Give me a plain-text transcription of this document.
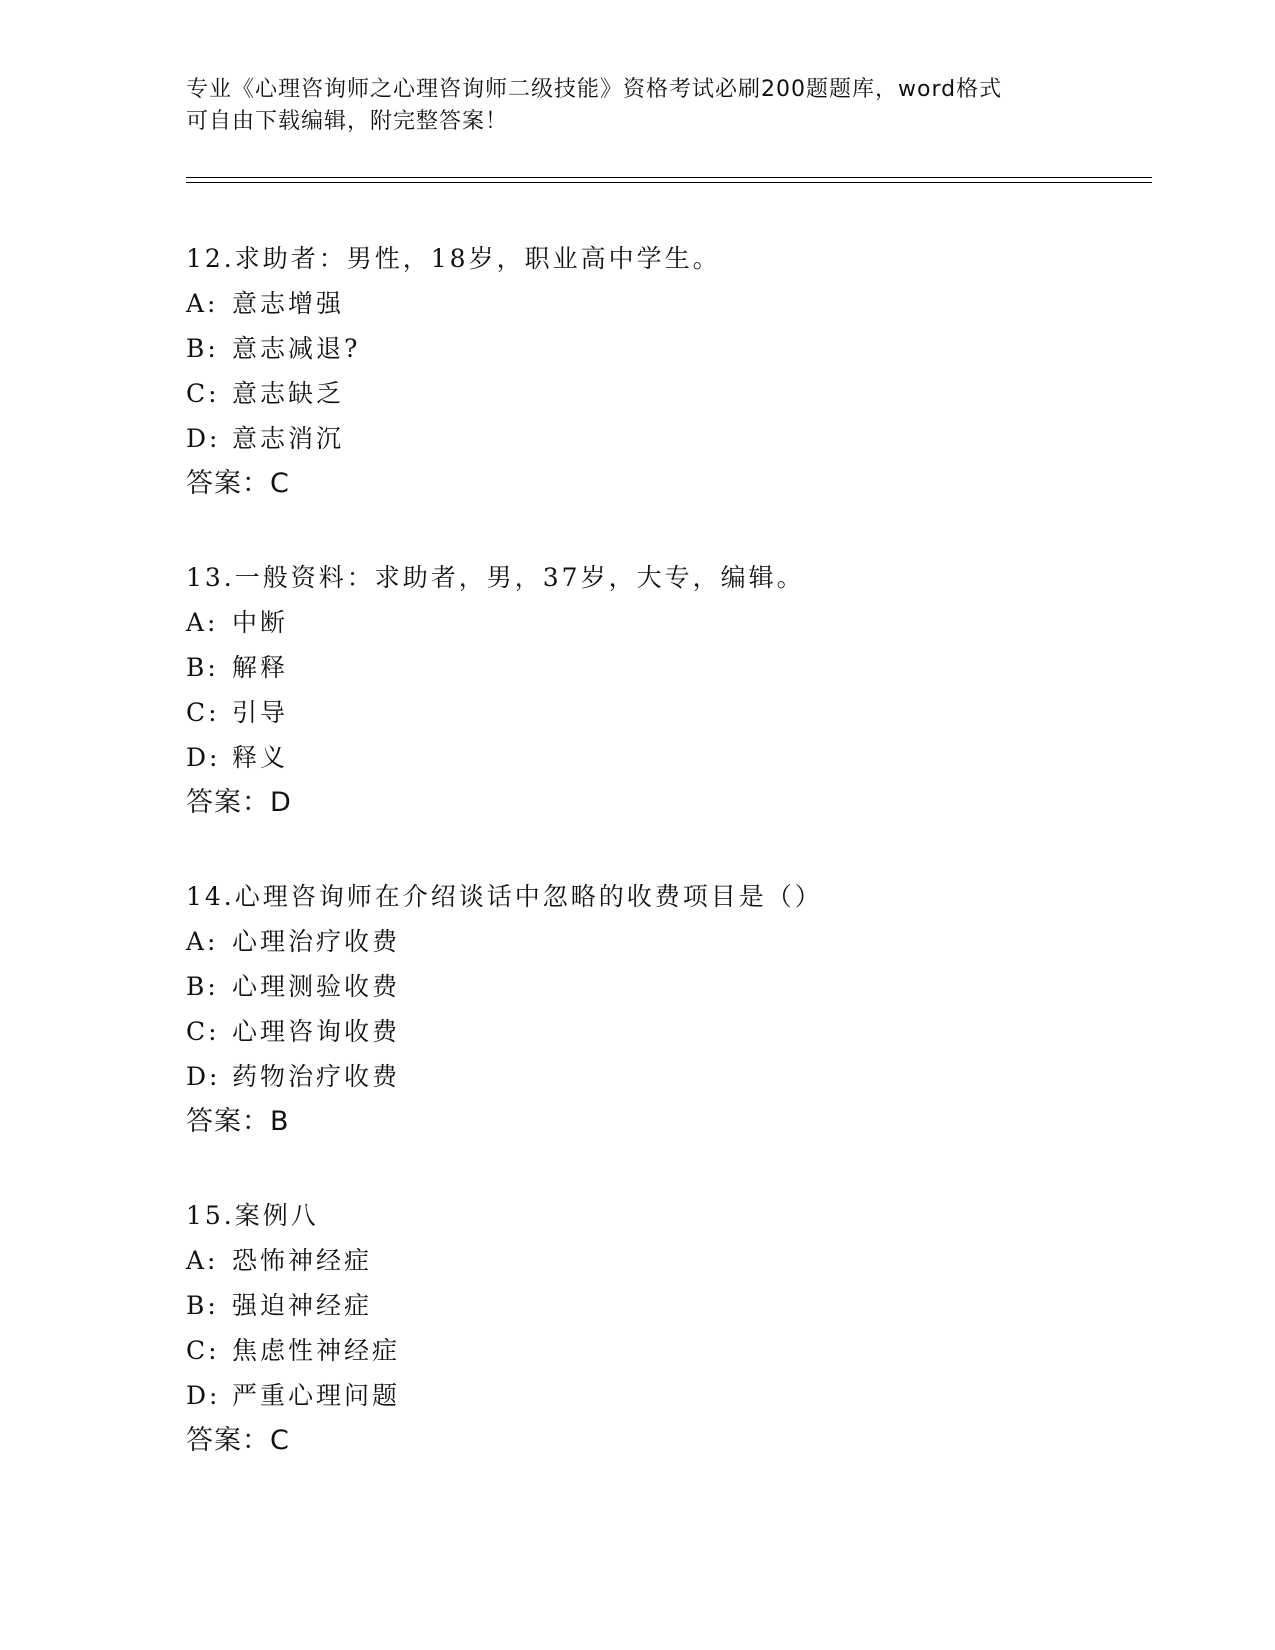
专业《心理咨询师之心理咨询师二级技能》资格考试必刷200题题库，word格式
可自由下载编辑，附完整答案！
12.求助者：男性，18岁，职业高中学生。
A: 意志增强
B: 意志减退?
C: 意志缺乏
D: 意志消沉
答案：C
13.一般资料：求助者，男，37岁，大专，编辑。
A: 中断
B: 解释
C: 引导
D: 释义
答案：D
14.心理咨询师在介绍谈话中忽略的收费项目是（）
A: 心理治疗收费
B: 心理测验收费
C: 心理咨询收费
D: 药物治疗收费
答案：B
15.案例八
A: 恐怖神经症
B: 强迫神经症
C: 焦虑性神经症
D: 严重心理问题
答案：C
